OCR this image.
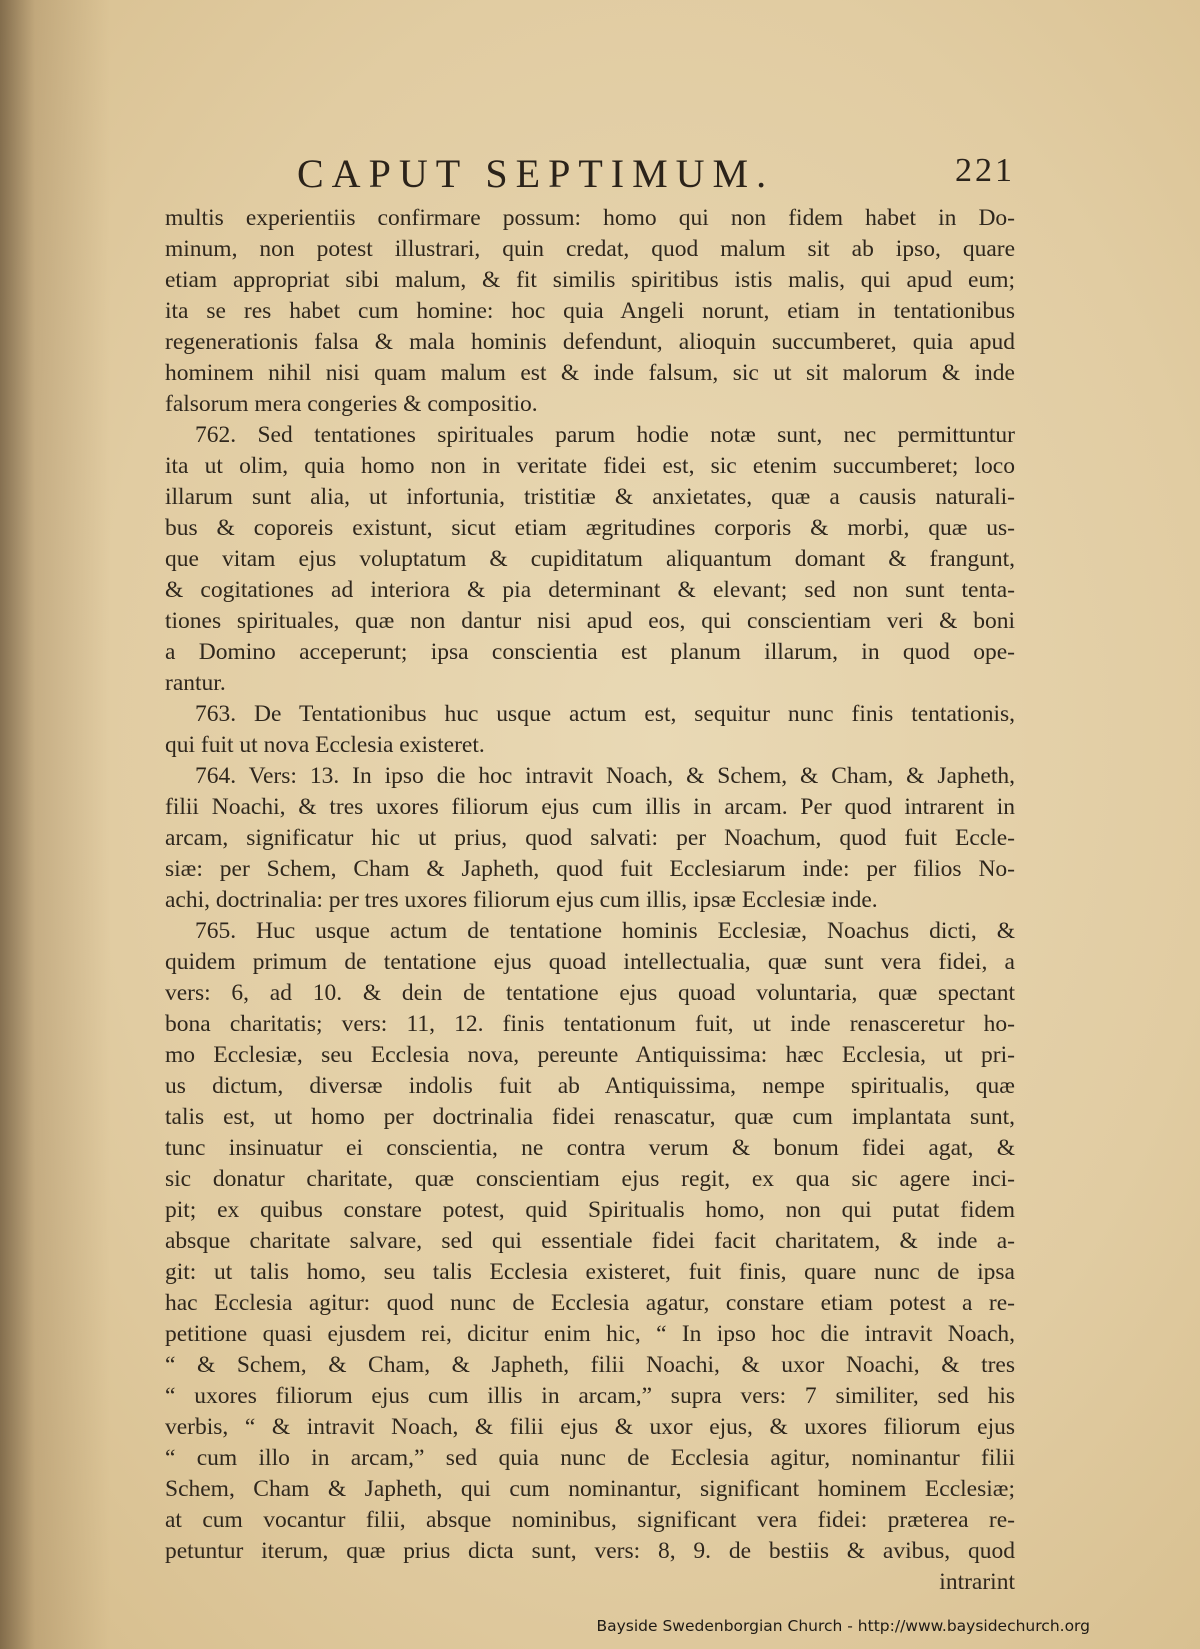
CAPUT SEPTIMUM.	221
multis experientiis confirmare possum: homo qui non fidem habet in Do-
minum, non potest illustrari, quin credat, quod malum sit ab ipso, quare
etiam appropriat sibi malum, & fit similis spiritibus istis malis, qui apud eum;
ita se res habet cum homine: hoc quia Angeli norunt, etiam in tentationibus
regenerationis falsa & mala hominis defendunt, alioquin succumberet, quia apud
hominem nihil nisi quam malum est & inde falsum, sic ut sit malorum & inde
falsorum mera congeries & compositio.
762. Sed tentationes spirituales parum hodie notæ sunt, nec permittuntur
ita ut olim, quia homo non in veritate fidei est, sic etenim succumberet; loco
illarum sunt alia, ut infortunia, tristitiæ & anxietates, quæ a causis naturali-
bus & coporeis existunt, sicut etiam ægritudines corporis & morbi, quæ us-
que vitam ejus voluptatum & cupiditatum aliquantum domant & frangunt,
& cogitationes ad interiora & pia determinant & elevant; sed non sunt tenta-
tiones spirituales, quæ non dantur nisi apud eos, qui conscientiam veri & boni
a Domino acceperunt; ipsa conscientia est planum illarum, in quod ope-
rantur.
763. De Tentationibus huc usque actum est, sequitur nunc finis tentationis,
qui fuit ut nova Ecclesia existeret.
764. Vers: 13. In ipso die hoc intravit Noach, & Schem, & Cham, & Japheth,
filii Noachi, & tres uxores filiorum ejus cum illis in arcam. Per quod intrarent in
arcam, significatur hic ut prius, quod salvati: per Noachum, quod fuit Eccle-
siæ: per Schem, Cham & Japheth, quod fuit Ecclesiarum inde: per filios No-
achi, doctrinalia: per tres uxores filiorum ejus cum illis, ipsæ Ecclesiæ inde.
765. Huc usque actum de tentatione hominis Ecclesiæ, Noachus dicti, &
quidem primum de tentatione ejus quoad intellectualia, quæ sunt vera fidei, a
vers: 6, ad 10. & dein de tentatione ejus quoad voluntaria, quæ spectant
bona charitatis; vers: 11, 12. finis tentationum fuit, ut inde renasceretur ho-
mo Ecclesiæ, seu Ecclesia nova, pereunte Antiquissima: hæc Ecclesia, ut pri-
us dictum, diversæ indolis fuit ab Antiquissima, nempe spiritualis, quæ
talis est, ut homo per doctrinalia fidei renascatur, quæ cum implantata sunt,
tunc insinuatur ei conscientia, ne contra verum & bonum fidei agat, &
sic donatur charitate, quæ conscientiam ejus regit, ex qua sic agere inci-
pit; ex quibus constare potest, quid Spiritualis homo, non qui putat fidem
absque charitate salvare, sed qui essentiale fidei facit charitatem, & inde a-
git: ut talis homo, seu talis Ecclesia existeret, fuit finis, quare nunc de ipsa
hac Ecclesia agitur: quod nunc de Ecclesia agatur, constare etiam potest a re-
petitione quasi ejusdem rei, dicitur enim hic, “ In ipso hoc die intravit Noach,
“ & Schem, & Cham, & Japheth, filii Noachi, & uxor Noachi, & tres
“ uxores filiorum ejus cum illis in arcam,” supra vers: 7 similiter, sed his
verbis, “ & intravit Noach, & filii ejus & uxor ejus, & uxores filiorum ejus
“ cum illo in arcam,” sed quia nunc de Ecclesia agitur, nominantur filii
Schem, Cham & Japheth, qui cum nominantur, significant hominem Ecclesiæ;
at cum vocantur filii, absque nominibus, significant vera fidei: præterea re-
petuntur iterum, quæ prius dicta sunt, vers: 8, 9. de bestiis & avibus, quod
intrarint
Bayside Swedenborgian Church - http://www.baysidechurch.org
